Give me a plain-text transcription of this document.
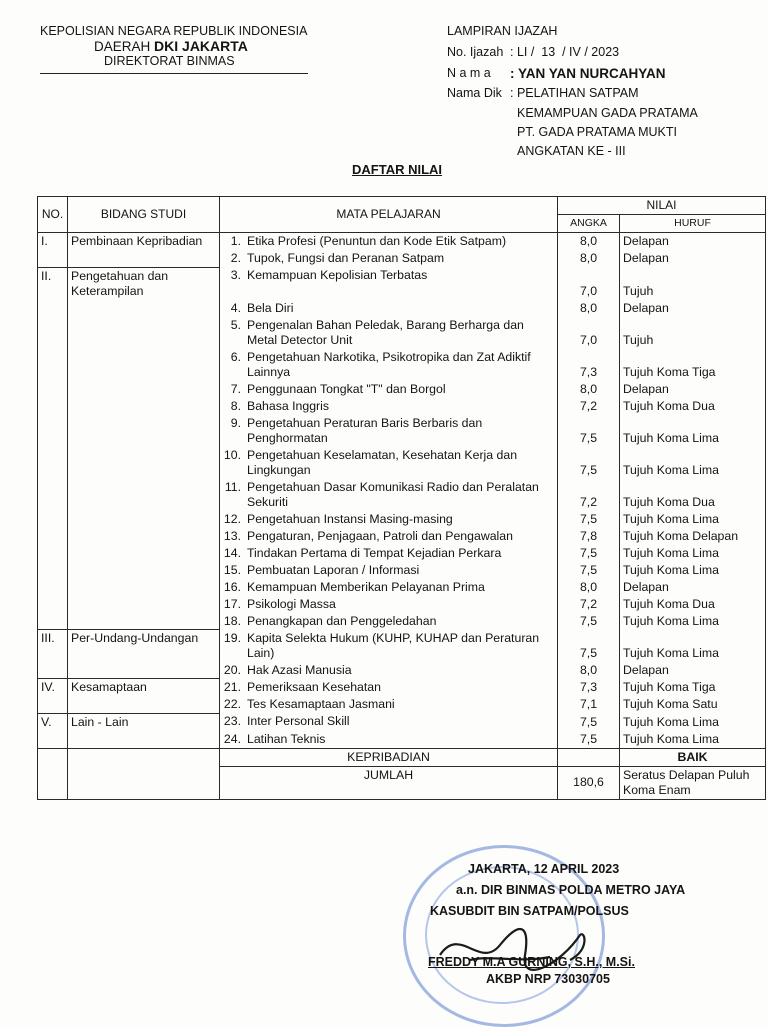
KEPOLISIAN NEGARA REPUBLIK INDONESIA
DAERAH DKI JAKARTA
DIREKTORAT BINMAS
LAMPIRAN IJAZAH
No. Ijazah : LI /  13  / IV / 2023
N a m a	: YAN YAN NURCAHYAN
Nama Dik : PELATIHAN SATPAM
KEMAMPUAN GADA PRATAMA
PT. GADA PRATAMA MUKTI
ANGKATAN KE - III
DAFTAR NILAI
NO.	BIDANG STUDI	MATA PELAJARAN	NILAI	
			ANGKA	HURUF
I.	Pembinaan Kepribadian	1. Etika Profesi (Penuntun dan Kode Etik Satpam)	8,0	Delapan

		2. Tupok, Fungsi dan Peranan Satpam	8,0	Delapan
II.	Pengetahuan dan Keterampilan	3. Kemampuan Kepolisian Terbatas	7,0	Tujuh

		4. Bela Diri	8,0	Delapan

		5. Pengenalan Bahan Peledak, Barang Berharga dan Metal Detector Unit	7,0	Tujuh

		6. Pengetahuan Narkotika, Psikotropika dan Zat Adiktif Lainnya	7,3	Tujuh Koma Tiga

		7. Penggunaan Tongkat "T" dan Borgol	8,0	Delapan

		8. Bahasa Inggris	7,2	Tujuh Koma Dua

		9. Pengetahuan Peraturan Baris Berbaris dan Penghormatan	7,5	Tujuh Koma Lima

		10. Pengetahuan Keselamatan, Kesehatan Kerja dan Lingkungan	7,5	Tujuh Koma Lima

		11. Pengetahuan Dasar Komunikasi Radio dan Peralatan Sekuriti	7,2	Tujuh Koma Dua

		12. Pengetahuan Instansi Masing-masing	7,5	Tujuh Koma Lima

		13. Pengaturan, Penjagaan, Patroli dan Pengawalan	7,8	Tujuh Koma Delapan

		14. Tindakan Pertama di Tempat Kejadian Perkara	7,5	Tujuh Koma Lima

		15. Pembuatan Laporan / Informasi	7,5	Tujuh Koma Lima

		16. Kemampuan Memberikan Pelayanan Prima	8,0	Delapan

		17. Psikologi Massa	7,2	Tujuh Koma Dua

		18. Penangkapan dan Penggeledahan	7,5	Tujuh Koma Lima
III.	Per-Undang-Undangan	19. Kapita Selekta Hukum (KUHP, KUHAP dan Peraturan Lain)	7,5	Tujuh Koma Lima

		20. Hak Azasi Manusia	8,0	Delapan
IV.	Kesamaptaan	21. Pemeriksaan Kesehatan	7,3	Tujuh Koma Tiga

		22. Tes Kesamaptaan Jasmani	7,1	Tujuh Koma Satu
V.	Lain - Lain	23. Inter Personal Skill	7,5	Tujuh Koma Lima

		24. Latihan Teknis	7,5	Tujuh Koma Lima
		KEPRIBADIAN		BAIK
		JUMLAH	180,6	Seratus Delapan Puluh Koma Enam
JAKARTA, 12 APRIL 2023
a.n. DIR BINMAS POLDA METRO JAYA
KASUBDIT BIN SATPAM/POLSUS
FREDDY M.A GURNING, S.H., M.Si.
AKBP NRP 73030705
